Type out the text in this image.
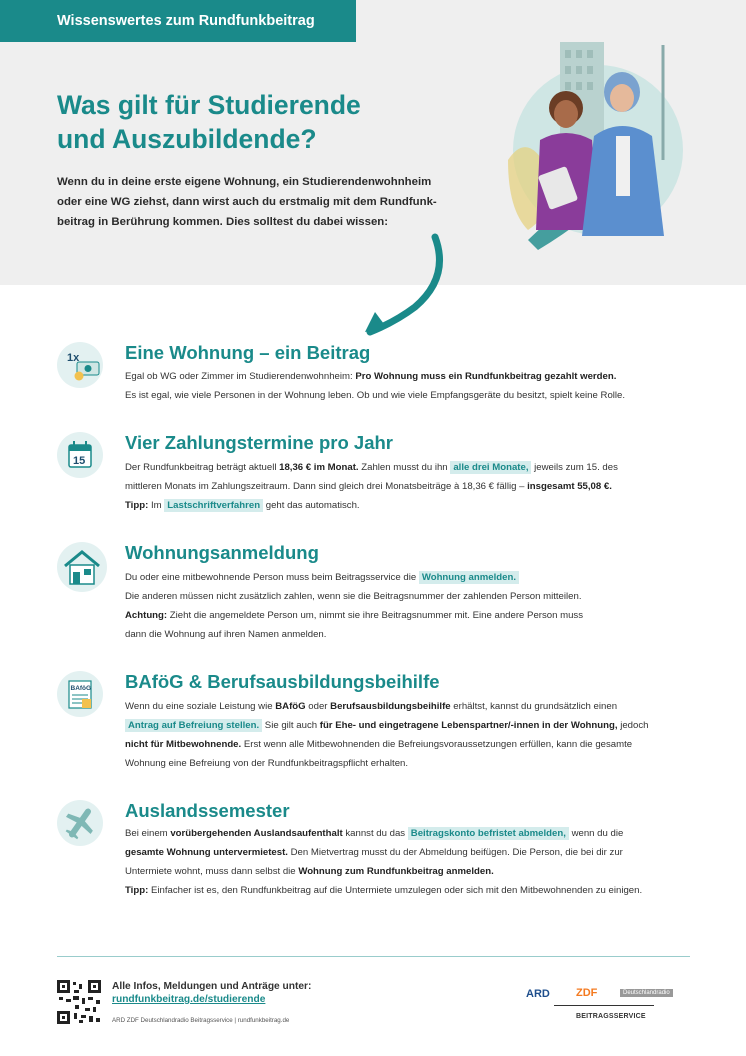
Wissenswertes zum Rundfunkbeitrag
Was gilt für Studierende
und Auszubildende?
Wenn du in deine erste eigene Wohnung, ein Studierendenwohnheim
oder eine WG ziehst, dann wirst auch du erstmalig mit dem Rundfunk-
beitrag in Berührung kommen. Dies solltest du dabei wissen:
1x Eine Wohnung – ein Beitrag
Egal ob WG oder Zimmer im Studierendenwohnheim: Pro Wohnung muss ein Rundfunkbeitrag gezahlt werden.
Es ist egal, wie viele Personen in der Wohnung leben. Ob und wie viele Empfangsgeräte du besitzt, spielt keine Rolle.
15
Vier Zahlungstermine pro Jahr
Der Rundfunkbeitrag beträgt aktuell 18,36 € im Monat. Zahlen musst du ihn alle drei Monate, jeweils zum 15. des
mittleren Monats im Zahlungszeitraum. Dann sind gleich drei Monatsbeiträge à 18,36 € fällig – insgesamt 55,08 €.
Tipp: Im Lastschriftverfahren geht das automatisch.
Wohnungsanmeldung
Du oder eine mitbewohnende Person muss beim Beitragsservice die Wohnung anmelden.
Die anderen müssen nicht zusätzlich zahlen, wenn sie die Beitragsnummer der zahlenden Person mitteilen.
Achtung: Zieht die angemeldete Person um, nimmt sie ihre Beitragsnummer mit. Eine andere Person muss
dann die Wohnung auf ihren Namen anmelden.
BAföG BAföG & Berufsausbildungsbeihilfe
Wenn du eine soziale Leistung wie BAföG oder Berufsausbildungsbeihilfe erhältst, kannst du grundsätzlich einen
Antrag auf Befreiung stellen. Sie gilt auch für Ehe- und eingetragene Lebenspartner/-innen in der Wohnung, jedoch
nicht für Mitbewohnende. Erst wenn alle Mitbewohnenden die Befreiungsvoraussetzungen erfüllen, kann die gesamte
Wohnung eine Befreiung von der Rundfunkbeitragspflicht erhalten.
Auslandssemester
Bei einem vorübergehenden Auslandsaufenthalt kannst du das Beitragskonto befristet abmelden, wenn du die
gesamte Wohnung untervermietest. Den Mietvertrag musst du der Abmeldung beifügen. Die Person, die bei dir zur
Untermiete wohnt, muss dann selbst die Wohnung zum Rundfunkbeitrag anmelden.
Tipp: Einfacher ist es, den Rundfunkbeitrag auf die Untermiete umzulegen oder sich mit den Mitbewohnenden zu einigen.
Alle Infos, Meldungen und Anträge unter:
rundfunkbeitrag.de/studierende
ARD ZDF Deutschlandradio Beitragsservice | rundfunkbeitrag.de
ARD ZDF	Deutschlandradio
BEITRAGSSERVICE
